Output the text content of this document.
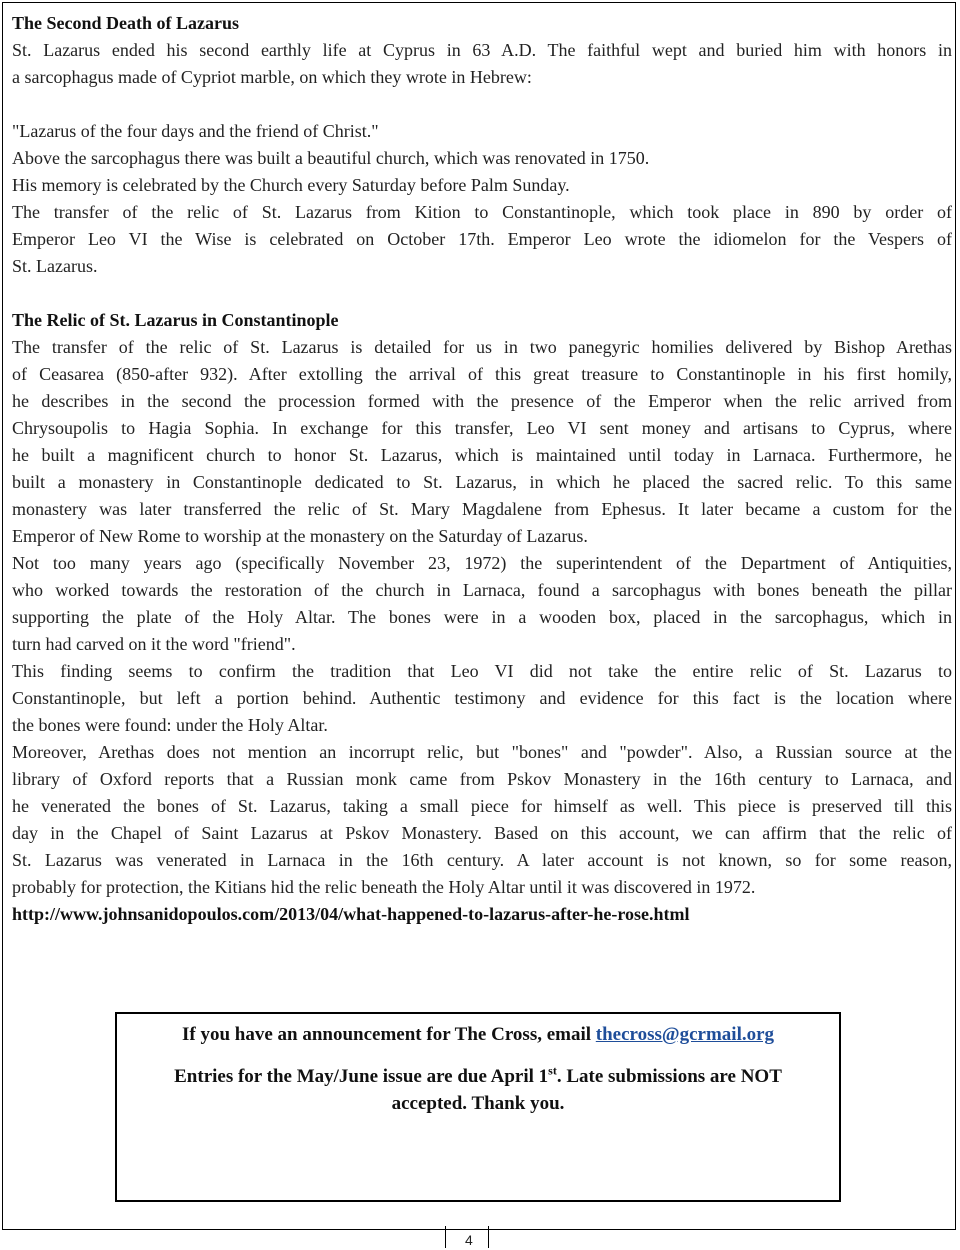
The Second Death of Lazarus
St. Lazarus ended his second earthly life at Cyprus in 63 A.D. The faithful wept and buried him with honors in
a sarcophagus made of Cypriot marble, on which they wrote in Hebrew:
"Lazarus of the four days and the friend of Christ."
Above the sarcophagus there was built a beautiful church, which was renovated in 1750.
His memory is celebrated by the Church every Saturday before Palm Sunday.
The transfer of the relic of St. Lazarus from Kition to Constantinople, which took place in 890 by order of
Emperor Leo VI the Wise is celebrated on October 17th. Emperor Leo wrote the idiomelon for the Vespers of
St. Lazarus.
The Relic of St. Lazarus in Constantinople
The transfer of the relic of St. Lazarus is detailed for us in two panegyric homilies delivered by Bishop Arethas
of Ceasarea (850-after 932). After extolling the arrival of this great treasure to Constantinople in his first homily,
he describes in the second the procession formed with the presence of the Emperor when the relic arrived from
Chrysoupolis to Hagia Sophia. In exchange for this transfer, Leo VI sent money and artisans to Cyprus, where
he built a magnificent church to honor St. Lazarus, which is maintained until today in Larnaca. Furthermore, he
built a monastery in Constantinople dedicated to St. Lazarus, in which he placed the sacred relic. To this same
monastery was later transferred the relic of St. Mary Magdalene from Ephesus. It later became a custom for the
Emperor of New Rome to worship at the monastery on the Saturday of Lazarus.
Not too many years ago (specifically November 23, 1972) the superintendent of the Department of Antiquities,
who worked towards the restoration of the church in Larnaca, found a sarcophagus with bones beneath the pillar
supporting the plate of the Holy Altar. The bones were in a wooden box, placed in the sarcophagus, which in
turn had carved on it the word "friend".
This finding seems to confirm the tradition that Leo VI did not take the entire relic of St. Lazarus to
Constantinople, but left a portion behind. Authentic testimony and evidence for this fact is the location where
the bones were found: under the Holy Altar.
Moreover, Arethas does not mention an incorrupt relic, but "bones" and "powder". Also, a Russian source at the
library of Oxford reports that a Russian monk came from Pskov Monastery in the 16th century to Larnaca, and
he venerated the bones of St. Lazarus, taking a small piece for himself as well. This piece is preserved till this
day in the Chapel of Saint Lazarus at Pskov Monastery. Based on this account, we can affirm that the relic of
St. Lazarus was venerated in Larnaca in the 16th century. A later account is not known, so for some reason,
probably for protection, the Kitians hid the relic beneath the Holy Altar until it was discovered in 1972.
http://www.johnsanidopoulos.com/2013/04/what-happened-to-lazarus-after-he-rose.html
If you have an announcement for The Cross, email thecross@gcrmail.org
Entries for the May/June issue are due April 1st. Late submissions are NOT accepted. Thank you.
4
